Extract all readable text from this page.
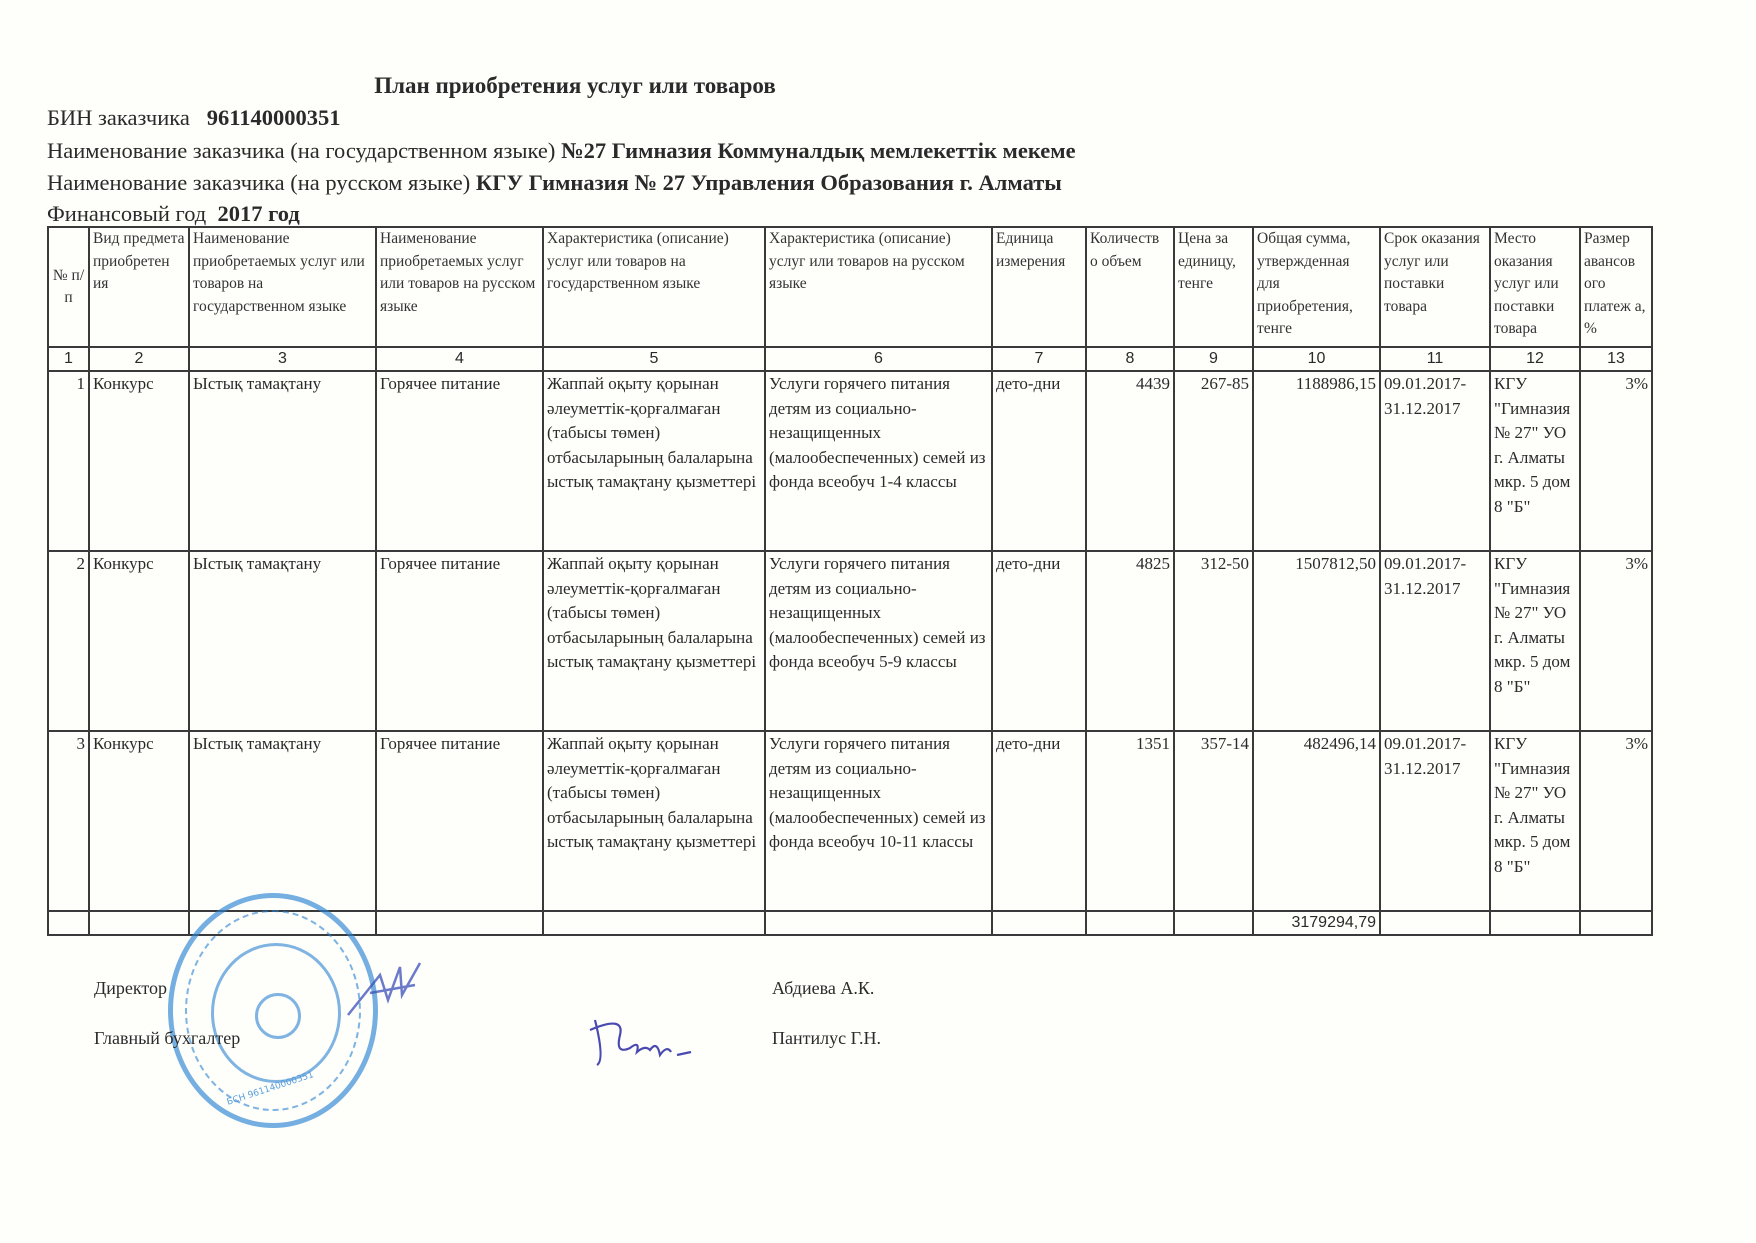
План приобретения услуг или товаров
БИН заказчика 961140000351
Наименование заказчика (на государственном языке) №27 Гимназия Коммуналдық мемлекеттік мекеме
Наименование заказчика (на русском языке) КГУ Гимназия № 27 Управления Образования г. Алматы
Финансовый год 2017 год
№ п/п	Вид предмета приобретен ия	Наименование приобретаемых услуг или товаров на государственном языке	Наименование приобретаемых услуг или товаров на русском языке	Характеристика (описание) услуг или товаров на государственном языке	Характеристика (описание) услуг или товаров на русском языке	Единица измерения	Количеств о объем	Цена за единицу, тенге	Общая сумма, утвержденная для приобретения, тенге	Срок оказания услуг или поставки товара	Место оказания услуг или поставки товара	Размер авансов ого платеж а, %
1	2	3	4	5	6	7	8	9	10	11	12	13
1	Конкурс	Ыстық тамақтану	Горячее питание	Жаппай оқыту қорынан әлеуметтік-қорғалмаған (табысы төмен) отбасыларының балаларына ыстық тамақтану қызметтері	Услуги горячего питания детям из социально-незащищенных (малообеспеченных) семей из фонда всеобуч 1-4 классы	дето-дни	4439	267-85	1188986,15	09.01.2017-31.12.2017	КГУ "Гимназия № 27" УО г. Алматы мкр. 5 дом 8 "Б"	3%
2	Конкурс	Ыстық тамақтану	Горячее питание	Жаппай оқыту қорынан әлеуметтік-қорғалмаған (табысы төмен) отбасыларының балаларына ыстық тамақтану қызметтері	Услуги горячего питания детям из социально-незащищенных (малообеспеченных) семей из фонда всеобуч 5-9 классы	дето-дни	4825	312-50	1507812,50	09.01.2017-31.12.2017	КГУ "Гимназия № 27" УО г. Алматы мкр. 5 дом 8 "Б"	3%
3	Конкурс	Ыстық тамақтану	Горячее питание	Жаппай оқыту қорынан әлеуметтік-қорғалмаған (табысы төмен) отбасыларының балаларына ыстық тамақтану қызметтері	Услуги горячего питания детям из социально-незащищенных (малообеспеченных) семей из фонда всеобуч 10-11 классы	дето-дни	1351	357-14	482496,14	09.01.2017-31.12.2017	КГУ "Гимназия № 27" УО г. Алматы мкр. 5 дом 8 "Б"	3%
									3179294,79			
БСН 961140000351
Директор
Главный бухгалтер
Абдиева А.К.
Пантилус Г.Н.
